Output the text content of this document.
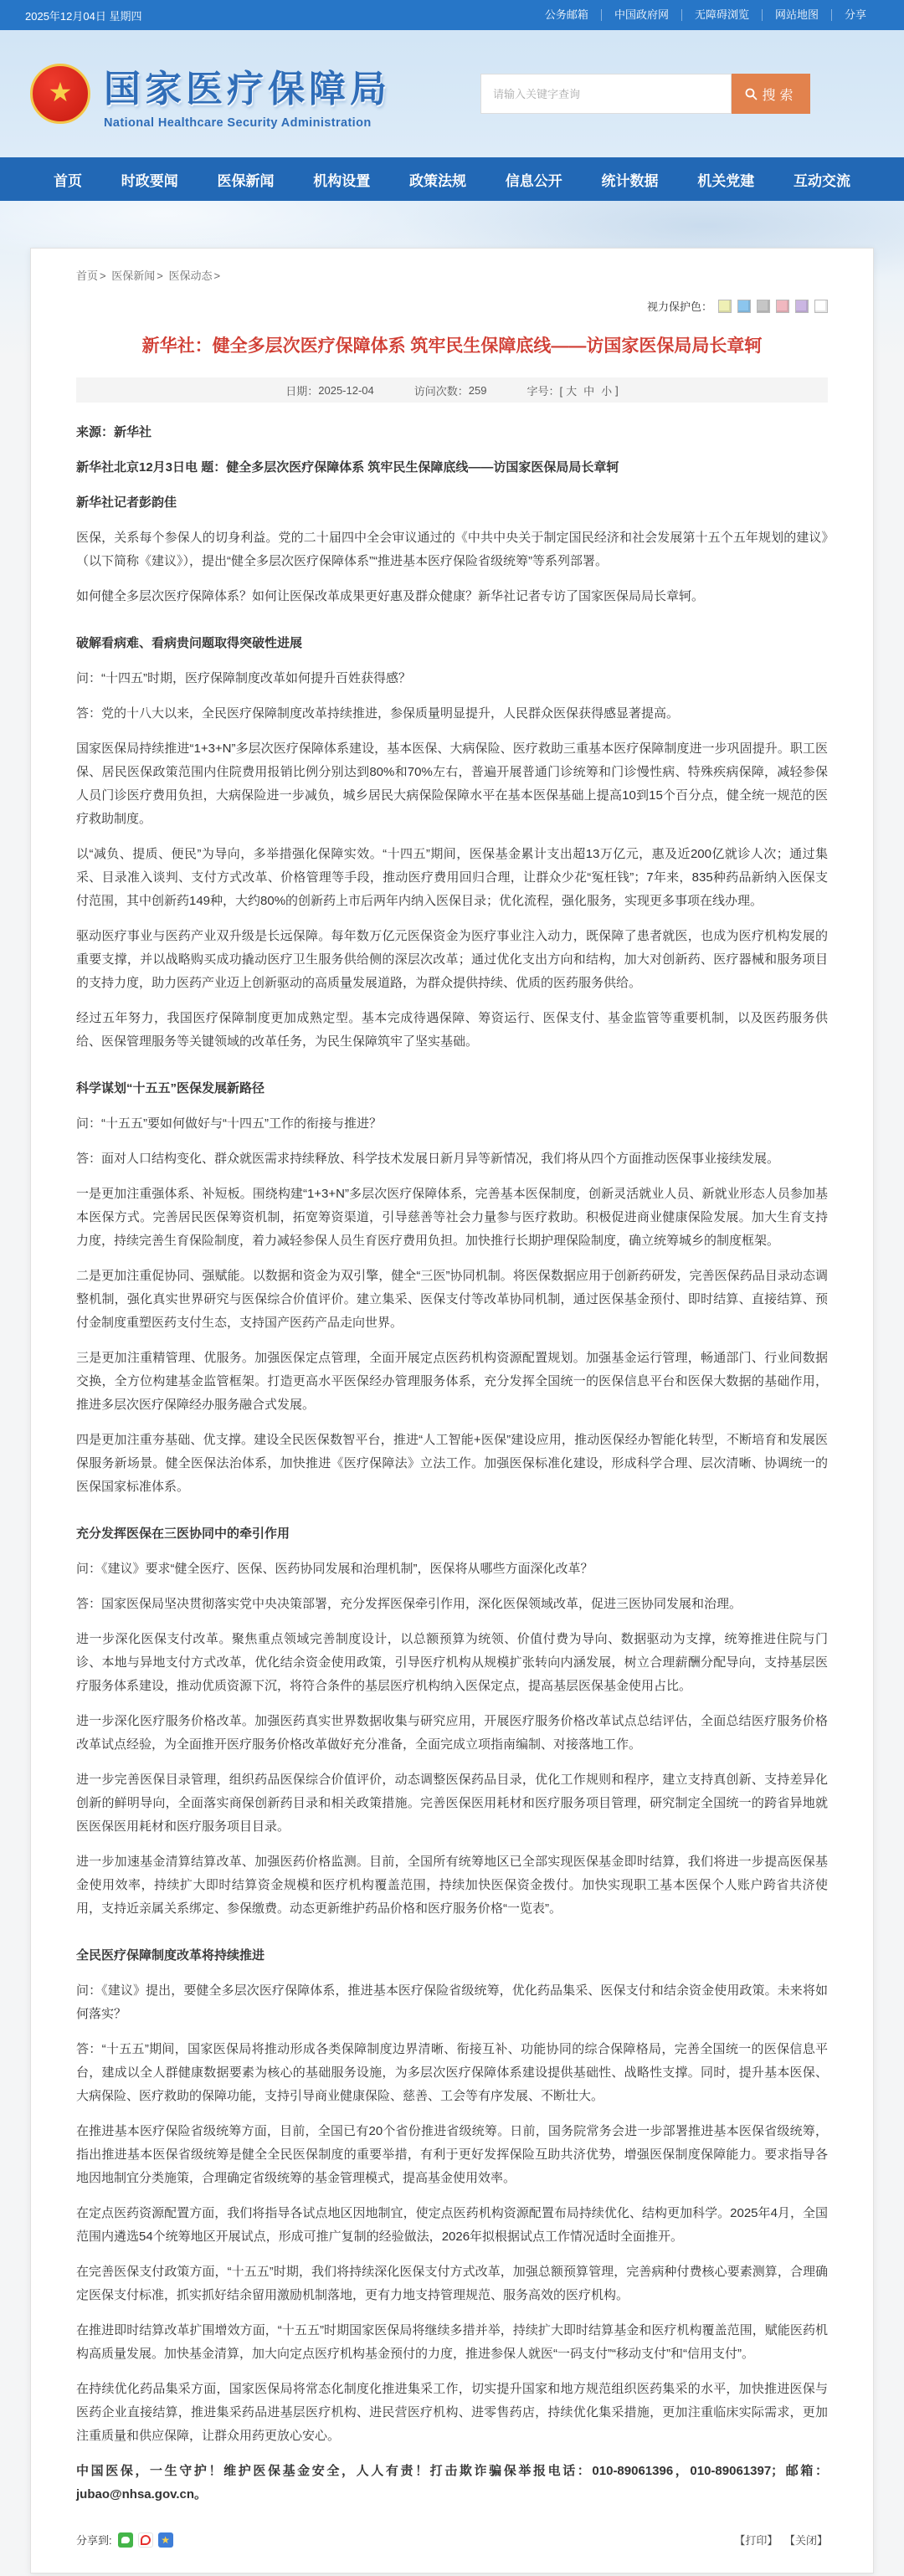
2025年12月04日 星期四	公务邮箱	中国政府网	无障碍浏览	网站地图	分享
★ 国家医疗保障局
National Healthcare Security Administration
请输入关键字查询
搜索
首页	时政要闻	医保新闻	机构设置	政策法规	信息公开	统计数据	机关党建	互动交流
首页 > 医保新闻 > 医保动态 >
视力保护色：
新华社：健全多层次医疗保障体系 筑牢民生保障底线——访国家医保局局长章轲
日期： 2025-12-04	访问次数： 259	字号：[ 大 中 小 ]

来源：新华社

新华社北京12月3日电 题：健全多层次医疗保障体系 筑牢民生保障底线——访国家医保局局长章轲

新华社记者彭韵佳

医保，关系每个参保人的切身利益。党的二十届四中全会审议通过的《中共中央关于制定国民经济和社会发展第十五个五年规划的建议》（以下简称《建议》），提出“健全多层次医疗保障体系”“推进基本医疗保险省级统筹”等系列部署。

如何健全多层次医疗保障体系？如何让医保改革成果更好惠及群众健康？新华社记者专访了国家医保局局长章轲。

破解看病难、看病贵问题取得突破性进展

问：“十四五”时期，医疗保障制度改革如何提升百姓获得感？

答：党的十八大以来，全民医疗保障制度改革持续推进，参保质量明显提升，人民群众医保获得感显著提高。

国家医保局持续推进“1+3+N”多层次医疗保障体系建设，基本医保、大病保险、医疗救助三重基本医疗保障制度进一步巩固提升。职工医保、居民医保政策范围内住院费用报销比例分别达到80%和70%左右，普遍开展普通门诊统筹和门诊慢性病、特殊疾病保障，减轻参保人员门诊医疗费用负担，大病保险进一步减负，城乡居民大病保险保障水平在基本医保基础上提高10到15个百分点，健全统一规范的医疗救助制度。

以“减负、提质、便民”为导向，多举措强化保障实效。“十四五”期间，医保基金累计支出超13万亿元，惠及近200亿就诊人次；通过集采、目录准入谈判、支付方式改革、价格管理等手段，推动医疗费用回归合理，让群众少花“冤枉钱”；7年来，835种药品新纳入医保支付范围，其中创新药149种，大约80%的创新药上市后两年内纳入医保目录；优化流程，强化服务，实现更多事项在线办理。

驱动医疗事业与医药产业双升级是长远保障。每年数万亿元医保资金为医疗事业注入动力，既保障了患者就医，也成为医疗机构发展的重要支撑，并以战略购买成功撬动医疗卫生服务供给侧的深层次改革；通过优化支出方向和结构，加大对创新药、医疗器械和服务项目的支持力度，助力医药产业迈上创新驱动的高质量发展道路，为群众提供持续、优质的医药服务供给。

经过五年努力，我国医疗保障制度更加成熟定型。基本完成待遇保障、筹资运行、医保支付、基金监管等重要机制，以及医药服务供给、医保管理服务等关键领域的改革任务，为民生保障筑牢了坚实基础。

科学谋划“十五五”医保发展新路径

问：“十五五”要如何做好与“十四五”工作的衔接与推进？

答：面对人口结构变化、群众就医需求持续释放、科学技术发展日新月异等新情况，我们将从四个方面推动医保事业接续发展。

一是更加注重强体系、补短板。围绕构建“1+3+N”多层次医疗保障体系，完善基本医保制度，创新灵活就业人员、新就业形态人员参加基本医保方式。完善居民医保筹资机制，拓宽筹资渠道，引导慈善等社会力量参与医疗救助。积极促进商业健康保险发展。加大生育支持力度，持续完善生育保险制度，着力减轻参保人员生育医疗费用负担。加快推行长期护理保险制度，确立统筹城乡的制度框架。

二是更加注重促协同、强赋能。以数据和资金为双引擎，健全“三医”协同机制。将医保数据应用于创新药研发，完善医保药品目录动态调整机制，强化真实世界研究与医保综合价值评价。建立集采、医保支付等改革协同机制，通过医保基金预付、即时结算、直接结算、预付金制度重塑医药支付生态，支持国产医药产品走向世界。

三是更加注重精管理、优服务。加强医保定点管理，全面开展定点医药机构资源配置规划。加强基金运行管理，畅通部门、行业间数据交换，全方位构建基金监管框架。打造更高水平医保经办管理服务体系，充分发挥全国统一的医保信息平台和医保大数据的基础作用，推进多层次医疗保障经办服务融合式发展。

四是更加注重夯基础、优支撑。建设全民医保数智平台，推进“人工智能+医保”建设应用，推动医保经办智能化转型，不断培育和发展医保服务新场景。健全医保法治体系，加快推进《医疗保障法》立法工作。加强医保标准化建设，形成科学合理、层次清晰、协调统一的医保国家标准体系。

充分发挥医保在三医协同中的牵引作用

问：《建议》要求“健全医疗、医保、医药协同发展和治理机制”，医保将从哪些方面深化改革？

答：国家医保局坚决贯彻落实党中央决策部署，充分发挥医保牵引作用，深化医保领域改革，促进三医协同发展和治理。

进一步深化医保支付改革。聚焦重点领域完善制度设计，以总额预算为统领、价值付费为导向、数据驱动为支撑，统筹推进住院与门诊、本地与异地支付方式改革，优化结余资金使用政策，引导医疗机构从规模扩张转向内涵发展，树立合理薪酬分配导向，支持基层医疗服务体系建设，推动优质资源下沉，将符合条件的基层医疗机构纳入医保定点，提高基层医保基金使用占比。

进一步深化医疗服务价格改革。加强医药真实世界数据收集与研究应用，开展医疗服务价格改革试点总结评估，全面总结医疗服务价格改革试点经验，为全面推开医疗服务价格改革做好充分准备，全面完成立项指南编制、对接落地工作。

进一步完善医保目录管理，组织药品医保综合价值评价，动态调整医保药品目录，优化工作规则和程序，建立支持真创新、支持差异化创新的鲜明导向，全面落实商保创新药目录和相关政策措施。完善医保医用耗材和医疗服务项目管理，研究制定全国统一的跨省异地就医医保医用耗材和医疗服务项目目录。

进一步加速基金清算结算改革、加强医药价格监测。目前，全国所有统筹地区已全部实现医保基金即时结算，我们将进一步提高医保基金使用效率，持续扩大即时结算资金规模和医疗机构覆盖范围，持续加快医保资金拨付。加快实现职工基本医保个人账户跨省共济使用，支持近亲属关系绑定、参保缴费。动态更新维护药品价格和医疗服务价格“一览表”。

全民医疗保障制度改革将持续推进

问：《建议》提出，要健全多层次医疗保障体系，推进基本医疗保险省级统筹，优化药品集采、医保支付和结余资金使用政策。未来将如何落实？

答：“十五五”期间，国家医保局将推动形成各类保障制度边界清晰、衔接互补、功能协同的综合保障格局，完善全国统一的医保信息平台，建成以全人群健康数据要素为核心的基础服务设施，为多层次医疗保障体系建设提供基础性、战略性支撑。同时，提升基本医保、大病保险、医疗救助的保障功能，支持引导商业健康保险、慈善、工会等有序发展、不断壮大。

在推进基本医疗保险省级统筹方面，目前，全国已有20个省份推进省级统筹。日前，国务院常务会进一步部署推进基本医保省级统筹，指出推进基本医保省级统筹是健全全民医保制度的重要举措，有利于更好发挥保险互助共济优势，增强医保制度保障能力。要求指导各地因地制宜分类施策，合理确定省级统筹的基金管理模式，提高基金使用效率。

在定点医药资源配置方面，我们将指导各试点地区因地制宜，使定点医药机构资源配置布局持续优化、结构更加科学。2025年4月，全国范围内遴选54个统筹地区开展试点，形成可推广复制的经验做法，2026年拟根据试点工作情况适时全面推开。

在完善医保支付政策方面，“十五五”时期，我们将持续深化医保支付方式改革，加强总额预算管理，完善病种付费核心要素测算，合理确定医保支付标准，抓实抓好结余留用激励机制落地，更有力地支持管理规范、服务高效的医疗机构。

在推进即时结算改革扩围增效方面，“十五五”时期国家医保局将继续多措并举，持续扩大即时结算基金和医疗机构覆盖范围，赋能医药机构高质量发展。加快基金清算，加大向定点医疗机构基金预付的力度，推进参保人就医“一码支付”“移动支付”和“信用支付”。

在持续优化药品集采方面，国家医保局将常态化制度化推进集采工作，切实提升国家和地方规范组织医药集采的水平，加快推进医保与医药企业直接结算，推进集采药品进基层医疗机构、进民营医疗机构、进零售药店，持续优化集采措施，更加注重临床实际需求，更加注重质量和供应保障，让群众用药更放心安心。

中国医保，一生守护！维护医保基金安全，人人有责！打击欺诈骗保举报电话：010-89061396，010-89061397；邮箱：jubao@nhsa.gov.cn。

分享到: ★	【打印】 【关闭】
